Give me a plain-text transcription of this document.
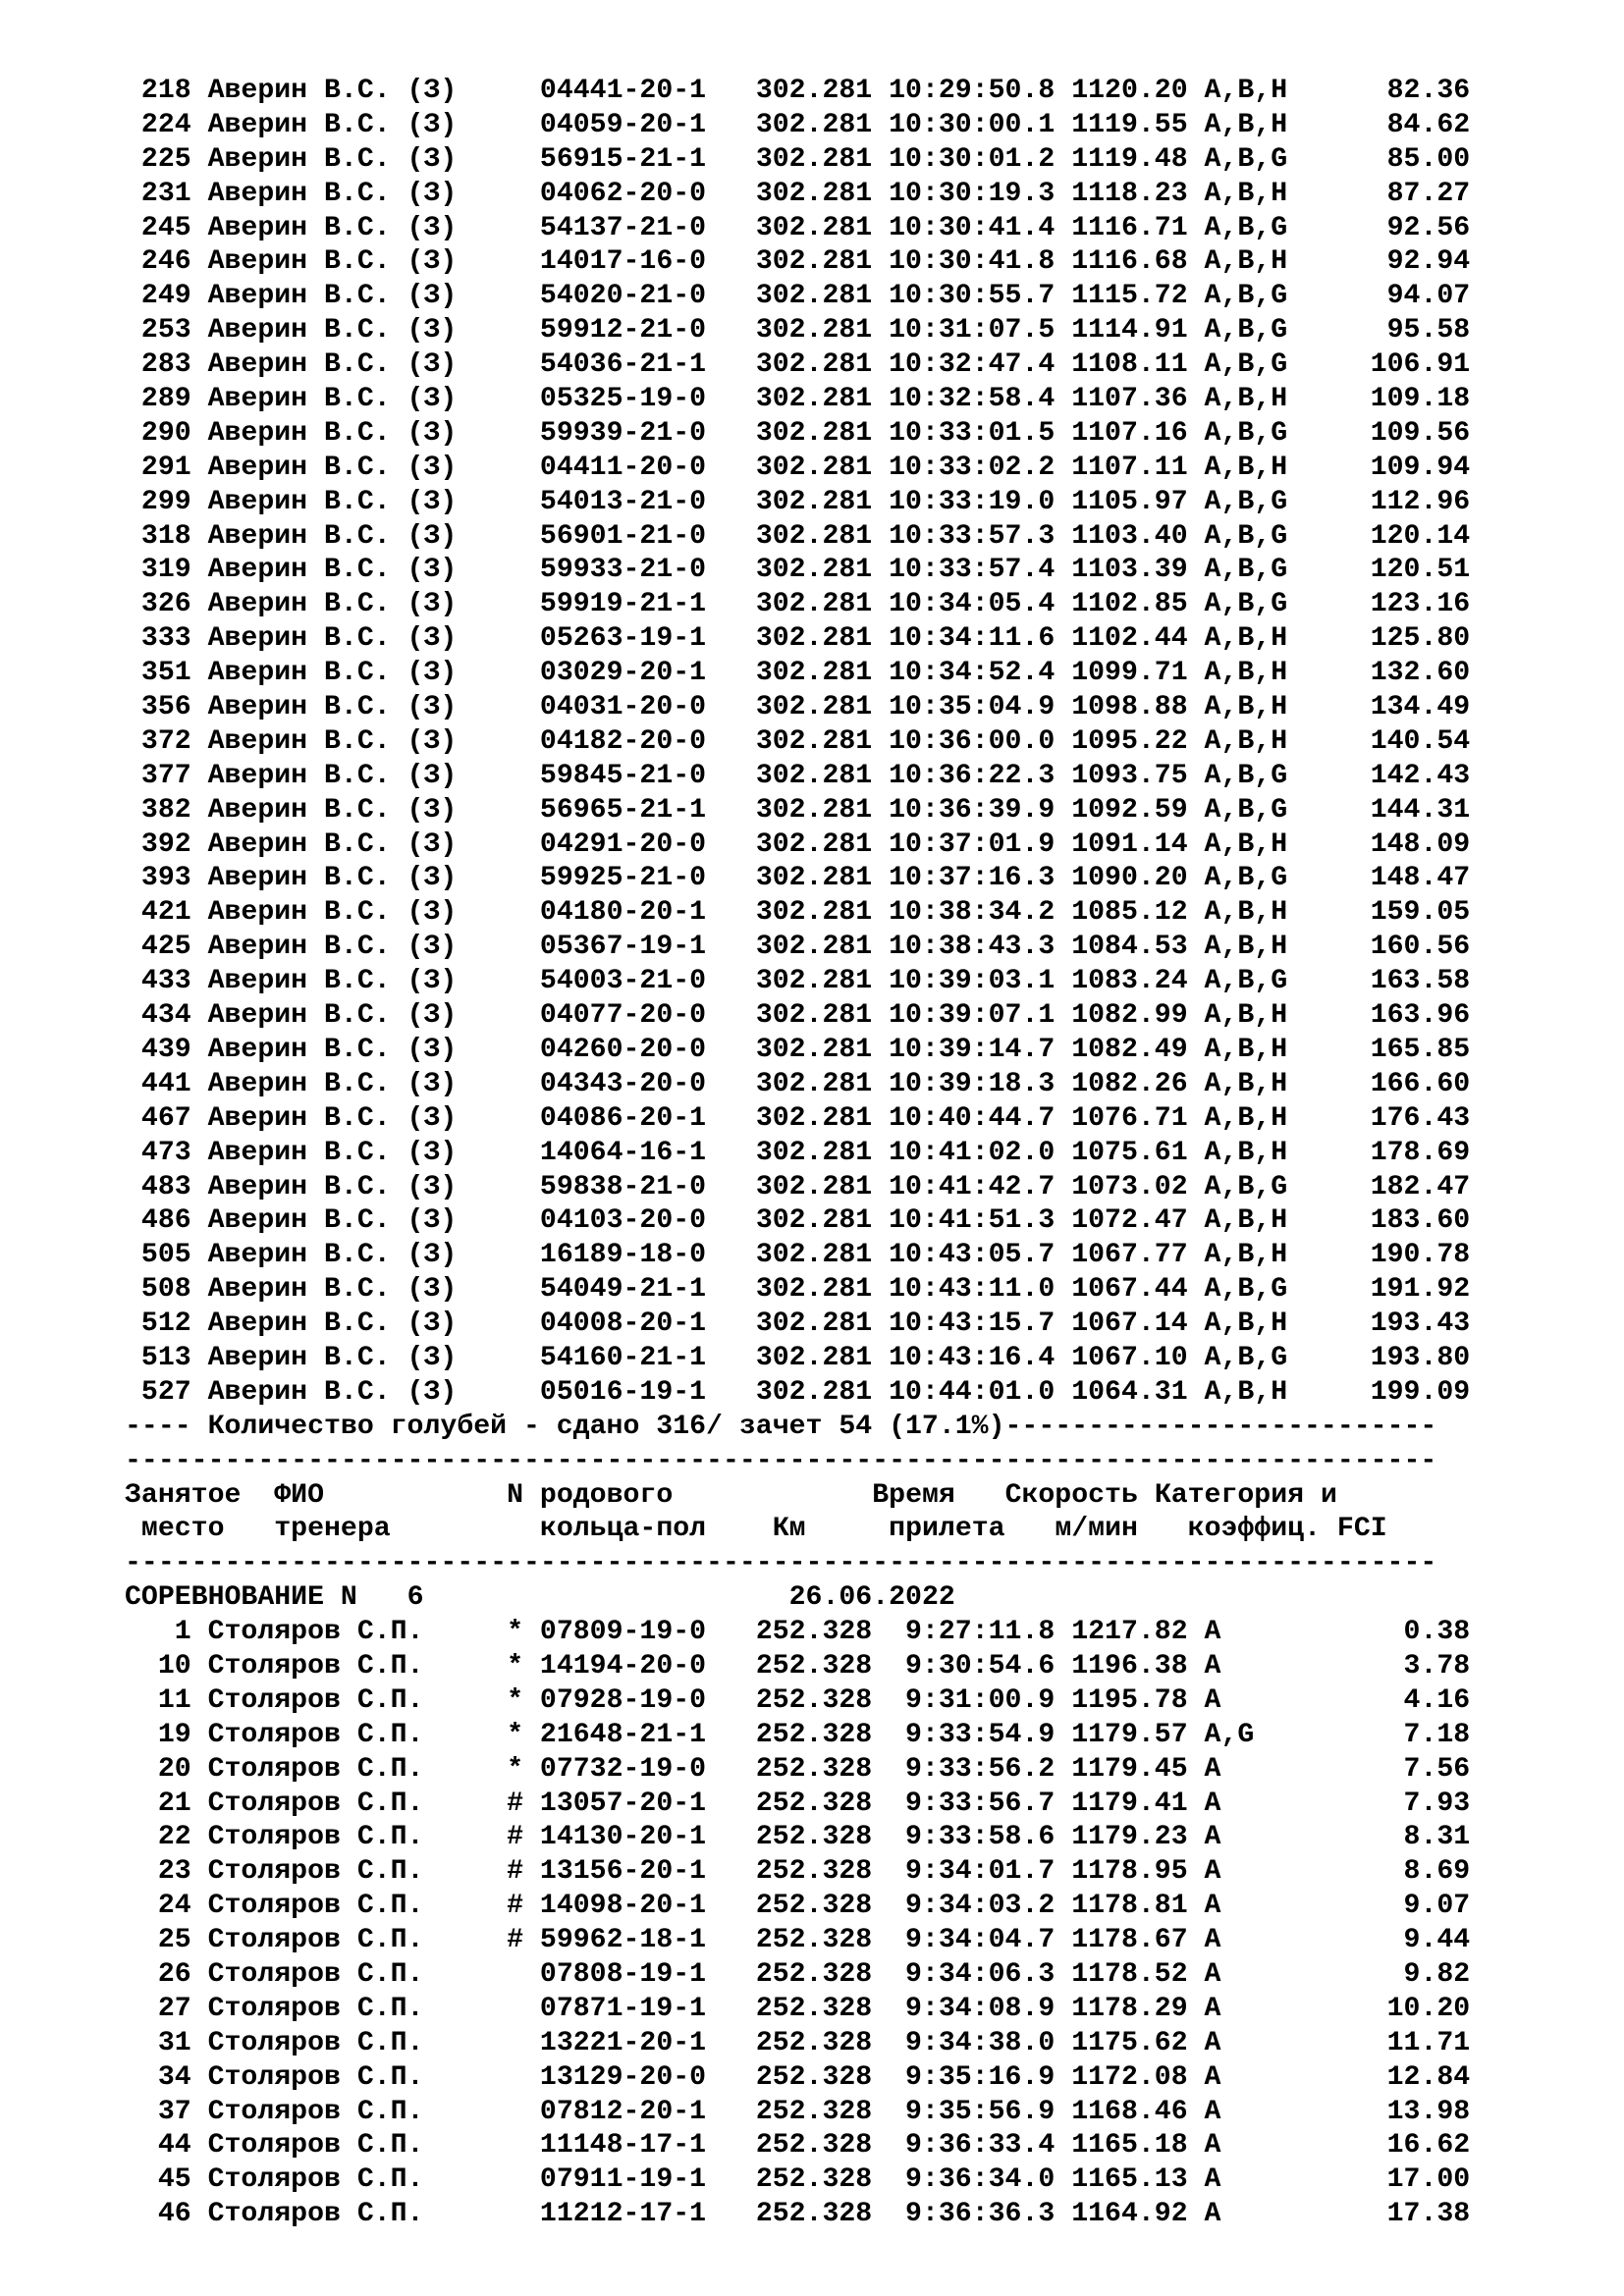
218 Аверин В.С. (З)     04441-20-1   302.281 10:29:50.8 1120.20 A,B,H      82.36
224 Аверин В.С. (З)     04059-20-1   302.281 10:30:00.1 1119.55 A,B,H      84.62
225 Аверин В.С. (З)     56915-21-1   302.281 10:30:01.2 1119.48 A,B,G      85.00
231 Аверин В.С. (З)     04062-20-0   302.281 10:30:19.3 1118.23 A,B,H      87.27
245 Аверин В.С. (З)     54137-21-0   302.281 10:30:41.4 1116.71 A,B,G      92.56
246 Аверин В.С. (З)     14017-16-0   302.281 10:30:41.8 1116.68 A,B,H      92.94
249 Аверин В.С. (З)     54020-21-0   302.281 10:30:55.7 1115.72 A,B,G      94.07
253 Аверин В.С. (З)     59912-21-0   302.281 10:31:07.5 1114.91 A,B,G      95.58
283 Аверин В.С. (З)     54036-21-1   302.281 10:32:47.4 1108.11 A,B,G     106.91
289 Аверин В.С. (З)     05325-19-0   302.281 10:32:58.4 1107.36 A,B,H     109.18
290 Аверин В.С. (З)     59939-21-0   302.281 10:33:01.5 1107.16 A,B,G     109.56
291 Аверин В.С. (З)     04411-20-0   302.281 10:33:02.2 1107.11 A,B,H     109.94
299 Аверин В.С. (З)     54013-21-0   302.281 10:33:19.0 1105.97 A,B,G     112.96
318 Аверин В.С. (З)     56901-21-0   302.281 10:33:57.3 1103.40 A,B,G     120.14
319 Аверин В.С. (З)     59933-21-0   302.281 10:33:57.4 1103.39 A,B,G     120.51
326 Аверин В.С. (З)     59919-21-1   302.281 10:34:05.4 1102.85 A,B,G     123.16
333 Аверин В.С. (З)     05263-19-1   302.281 10:34:11.6 1102.44 A,B,H     125.80
351 Аверин В.С. (З)     03029-20-1   302.281 10:34:52.4 1099.71 A,B,H     132.60
356 Аверин В.С. (З)     04031-20-0   302.281 10:35:04.9 1098.88 A,B,H     134.49
372 Аверин В.С. (З)     04182-20-0   302.281 10:36:00.0 1095.22 A,B,H     140.54
377 Аверин В.С. (З)     59845-21-0   302.281 10:36:22.3 1093.75 A,B,G     142.43
382 Аверин В.С. (З)     56965-21-1   302.281 10:36:39.9 1092.59 A,B,G     144.31
392 Аверин В.С. (З)     04291-20-0   302.281 10:37:01.9 1091.14 A,B,H     148.09
393 Аверин В.С. (З)     59925-21-0   302.281 10:37:16.3 1090.20 A,B,G     148.47
421 Аверин В.С. (З)     04180-20-1   302.281 10:38:34.2 1085.12 A,B,H     159.05
425 Аверин В.С. (З)     05367-19-1   302.281 10:38:43.3 1084.53 A,B,H     160.56
433 Аверин В.С. (З)     54003-21-0   302.281 10:39:03.1 1083.24 A,B,G     163.58
434 Аверин В.С. (З)     04077-20-0   302.281 10:39:07.1 1082.99 A,B,H     163.96
439 Аверин В.С. (З)     04260-20-0   302.281 10:39:14.7 1082.49 A,B,H     165.85
441 Аверин В.С. (З)     04343-20-0   302.281 10:39:18.3 1082.26 A,B,H     166.60
467 Аверин В.С. (З)     04086-20-1   302.281 10:40:44.7 1076.71 A,B,H     176.43
473 Аверин В.С. (З)     14064-16-1   302.281 10:41:02.0 1075.61 A,B,H     178.69
483 Аверин В.С. (З)     59838-21-0   302.281 10:41:42.7 1073.02 A,B,G     182.47
486 Аверин В.С. (З)     04103-20-0   302.281 10:41:51.3 1072.47 A,B,H     183.60
505 Аверин В.С. (З)     16189-18-0   302.281 10:43:05.7 1067.77 A,B,H     190.78
508 Аверин В.С. (З)     54049-21-1   302.281 10:43:11.0 1067.44 A,B,G     191.92
512 Аверин В.С. (З)     04008-20-1   302.281 10:43:15.7 1067.14 A,B,H     193.43
513 Аверин В.С. (З)     54160-21-1   302.281 10:43:16.4 1067.10 A,B,G     193.80
527 Аверин В.С. (З)     05016-19-1   302.281 10:44:01.0 1064.31 A,B,H     199.09
---- Количество голубей - сдано 316/ зачет 54 (17.1%)--------------------------
-------------------------------------------------------------------------------
Занятое ФИО	N родового	Время Скорость Категория и
место тренера	кольца-пол Км	прилета м/мин коэффиц. FCI
-------------------------------------------------------------------------------
СОРЕВНОВАНИЕ N 6	26.06.2022
1 Столяров С.П.     * 07809-19-0   252.328  9:27:11.8 1217.82 A           0.38
10 Столяров С.П.     * 14194-20-0   252.328  9:30:54.6 1196.38 A           3.78
11 Столяров С.П.     * 07928-19-0   252.328  9:31:00.9 1195.78 A           4.16
19 Столяров С.П.     * 21648-21-1   252.328  9:33:54.9 1179.57 A,G         7.18
20 Столяров С.П.     * 07732-19-0   252.328  9:33:56.2 1179.45 A           7.56
21 Столяров С.П.     # 13057-20-1   252.328  9:33:56.7 1179.41 A           7.93
22 Столяров С.П.     # 14130-20-1   252.328  9:33:58.6 1179.23 A           8.31
23 Столяров С.П.     # 13156-20-1   252.328  9:34:01.7 1178.95 A           8.69
24 Столяров С.П.     # 14098-20-1   252.328  9:34:03.2 1178.81 A           9.07
25 Столяров С.П.     # 59962-18-1   252.328  9:34:04.7 1178.67 A           9.44
26 Столяров С.П.       07808-19-1   252.328  9:34:06.3 1178.52 A           9.82
27 Столяров С.П.       07871-19-1   252.328  9:34:08.9 1178.29 A          10.20
31 Столяров С.П.       13221-20-1   252.328  9:34:38.0 1175.62 A          11.71
34 Столяров С.П.       13129-20-0   252.328  9:35:16.9 1172.08 A          12.84
37 Столяров С.П.       07812-20-1   252.328  9:35:56.9 1168.46 A          13.98
44 Столяров С.П.       11148-17-1   252.328  9:36:33.4 1165.18 A          16.62
45 Столяров С.П.       07911-19-1   252.328  9:36:34.0 1165.13 A          17.00
46 Столяров С.П.       11212-17-1   252.328  9:36:36.3 1164.92 A          17.38
